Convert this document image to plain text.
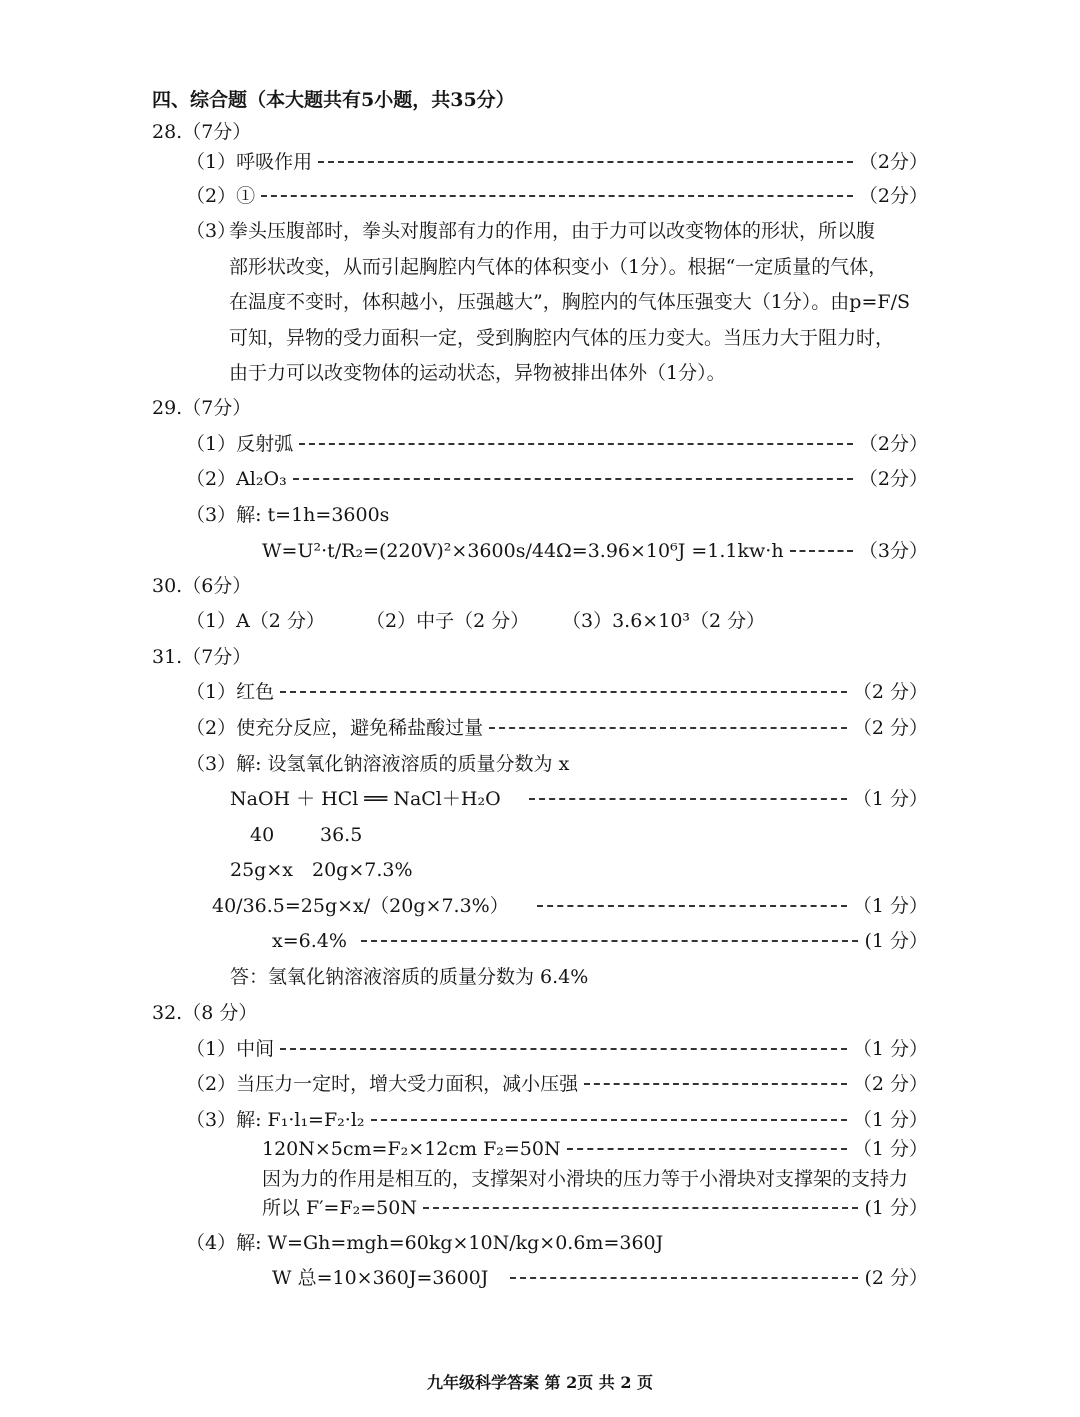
四、综合题（本大题共有5小题，共35分）
28.（7分）
（1）呼吸作用	（2分）
（2）①	（2分）
（3）
拳头压腹部时，拳头对腹部有力的作用，由于力可以改变物体的形状，所以腹
部形状改变，从而引起胸腔内气体的体积变小（1分）。根据“一定质量的气体，
在温度不变时，体积越小，压强越大”，胸腔内的气体压强变大（1分）。由p=F/S
可知，异物的受力面积一定，受到胸腔内气体的压力变大。当压力大于阻力时，
由于力可以改变物体的运动状态，异物被排出体外（1分）。
29.（7分）
（1）反射弧	（2分）
（2）Al₂O₃	（2分）
（3）解: t=1h=3600s
W=U²·t/R₂=(220V)²×3600s/44Ω=3.96×10⁶J =1.1kw·h	（3分）
30.（6分）
（1）A（2 分） （2）中子（2 分） （3）3.6×10³（2 分）
31.（7分）
（1）红色	（2 分）
（2）使充分反应，避免稀盐酸过量	（2 分）
（3）解: 设氢氧化钠溶液溶质的质量分数为 x
NaOH ＋ HCl ══ NaCl＋H₂O	（1 分）
40 36.5
25g×x 20g×7.3%
40/36.5=25g×x/（20g×7.3%）	（1 分）
x=6.4%	(1 分）
答：氢氧化钠溶液溶质的质量分数为 6.4%
32.（8 分）
（1）中间	（1 分）
（2）当压力一定时，增大受力面积，减小压强	（2 分）
（3）解: F₁·l₁=F₂·l₂	（1 分）
120N×5cm=F₂×12cm F₂=50N	（1 分）
因为力的作用是相互的，支撑架对小滑块的压力等于小滑块对支撑架的支持力
所以 F′=F₂=50N	(1 分）
（4）解: W=Gh=mgh=60kg×10N/kg×0.6m=360J
W 总=10×360J=3600J	(2 分）
九年级科学答案 第 2页 共 2 页
